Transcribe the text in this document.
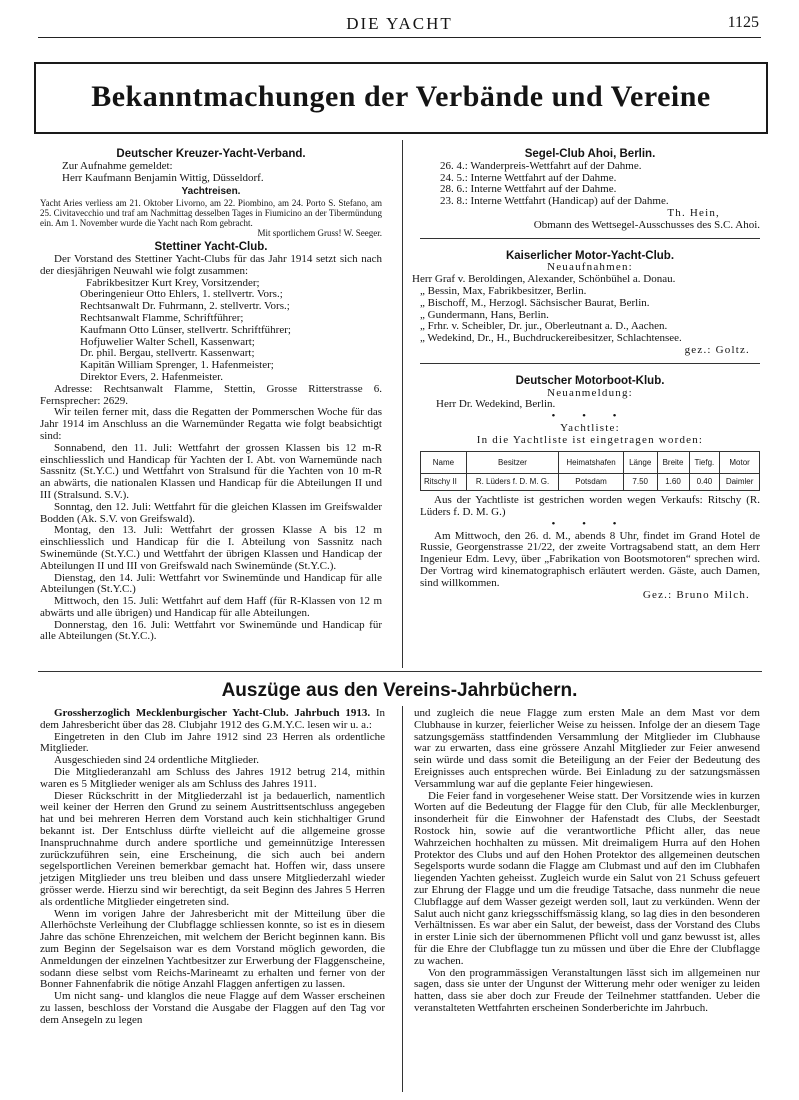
DIE YACHT	1125
Bekanntmachungen der Verbände und Vereine

Deutscher Kreuzer-Yacht-Verband.

Zur Aufnahme gemeldet:

Herr Kaufmann Benjamin Wittig, Düsseldorf.

Yachtreisen.

Yacht Aries verliess am 21. Oktober Livorno, am 22. Piombino, am 24. Porto S. Stefano, am 25. Civitavecchio und traf am Nachmittag desselben Tages in Fiumicino an der Tibermündung ein. Am 1. November wurde die Yacht nach Rom gebracht.

Mit sportlichem Gruss! W. Seeger.

Stettiner Yacht-Club.

Der Vorstand des Stettiner Yacht-Clubs für das Jahr 1914 setzt sich nach der diesjährigen Neuwahl wie folgt zusammen:

Fabrikbesitzer Kurt Krey, Vorsitzender;

Oberingenieur Otto Ehlers, 1. stellvertr. Vors.;

Rechtsanwalt Dr. Fuhrmann, 2. stellvertr. Vors.;

Rechtsanwalt Flamme, Schriftführer;

Kaufmann Otto Lünser, stellvertr. Schriftführer;

Hofjuwelier Walter Schell, Kassenwart;

Dr. phil. Bergau, stellvertr. Kassenwart;

Kapitän William Sprenger, 1. Hafenmeister;

Direktor Evers, 2. Hafenmeister.

Adresse: Rechtsanwalt Flamme, Stettin, Grosse Ritterstrasse 6. Fernsprecher: 2629.

Wir teilen ferner mit, dass die Regatten der Pommerschen Woche für das Jahr 1914 im Anschluss an die Warnemünder Regatta wie folgt beabsichtigt sind:

Sonnabend, den 11. Juli: Wettfahrt der grossen Klassen bis 12 m-R einschliesslich und Handicap für Yachten der I. Abt. von Warnemünde nach Sassnitz (St.Y.C.) und Wettfahrt von Stralsund für die Yachten von 10 m-R an abwärts, die nationalen Klassen und Handicap für die Abteilungen II und III (Stralsund. S.V.).

Sonntag, den 12. Juli: Wettfahrt für die gleichen Klassen im Greifswalder Bodden (Ak. S.V. von Greifswald).

Montag, den 13. Juli: Wettfahrt der grossen Klasse A bis 12 m einschliesslich und Handicap für die I. Abteilung von Sassnitz nach Swinemünde (St.Y.C.) und Wettfahrt der übrigen Klassen und Handicap der Abteilungen II und III von Greifswald nach Swinemünde (St.Y.C.).

Dienstag, den 14. Juli: Wettfahrt vor Swinemünde und Handicap für alle Abteilungen (St.Y.C.)

Mittwoch, den 15. Juli: Wettfahrt auf dem Haff (für R-Klassen von 12 m abwärts und alle übrigen) und Handicap für alle Abteilungen.

Donnerstag, den 16. Juli: Wettfahrt vor Swinemünde und Handicap für alle Abteilungen (St.Y.C.).

Segel-Club Ahoi, Berlin.

26. 4.: Wanderpreis-Wettfahrt auf der Dahme.

24. 5.: Interne Wettfahrt auf der Dahme.

28. 6.: Interne Wettfahrt auf der Dahme.

23. 8.: Interne Wettfahrt (Handicap) auf der Dahme.

Th. Hein,

Obmann des Wettsegel-Ausschusses des S.C. Ahoi.

Kaiserlicher Motor-Yacht-Club.

Neuaufnahmen:

Herr Graf v. Beroldingen, Alexander, Schönbühel a. Donau.

„ Bessin, Max, Fabrikbesitzer, Berlin.

„ Bischoff, M., Herzogl. Sächsischer Baurat, Berlin.

„ Gundermann, Hans, Berlin.

„ Frhr. v. Scheibler, Dr. jur., Oberleutnant a. D., Aachen.

„ Wedekind, Dr., H., Buchdruckereibesitzer, Schlachtensee.

gez.: Goltz.

Deutscher Motorboot-Klub.

Neuanmeldung:

Herr Dr. Wedekind, Berlin.

• • •

Yachtliste:

In die Yachtliste ist eingetragen worden:

Name	Besitzer	Heimatshafen	Länge	Breite	Tiefg.	Motor
Ritschy II	R. Lüders f. D. M. G.	Potsdam	7.50	1.60	0.40	Daimler

Aus der Yachtliste ist gestrichen worden wegen Verkaufs: Ritschy (R. Lüders f. D. M. G.)

• • •

Am Mittwoch, den 26. d. M., abends 8 Uhr, findet im Grand Hotel de Russie, Georgenstrasse 21/22, der zweite Vortragsabend statt, an dem Herr Ingenieur Edm. Levy, über „Fabrikation von Bootsmotoren“ sprechen wird. Der Vortrag wird kinematographisch erläutert werden. Gäste, auch Damen, sind willkommen.

Gez.: Bruno Milch.

Auszüge aus den Vereins-Jahrbüchern.

Grossherzoglich Mecklenburgischer Yacht-Club. Jahrbuch 1913. In dem Jahresbericht über das 28. Clubjahr 1912 des G.M.Y.C. lesen wir u. a.:

Eingetreten in den Club im Jahre 1912 sind 23 Herren als ordentliche Mitglieder.

Ausgeschieden sind 24 ordentliche Mitglieder.

Die Mitgliederanzahl am Schluss des Jahres 1912 betrug 214, mithin waren es 5 Mitglieder weniger als am Schluss des Jahres 1911.

Dieser Rückschritt in der Mitgliederzahl ist ja bedauerlich, namentlich weil keiner der Herren den Grund zu seinem Austrittsentschluss angegeben hat und bei mehreren Herren dem Vorstand auch kein stichhaltiger Grund bekannt ist. Der Entschluss dürfte vielleicht auf die allgemeine grosse Inanspruchnahme durch andere sportliche und gemeinnützige Interessen zurückzuführen sein, eine Erscheinung, die sich auch bei andern segelsportlichen Vereinen bemerkbar gemacht hat. Hoffen wir, dass unsere jetzigen Mitglieder uns treu bleiben und dass unsere Mitgliederzahl wieder grösser werde. Hierzu sind wir berechtigt, da seit Beginn des Jahres 5 Herren als ordentliche Mitglieder eingetreten sind.

Wenn im vorigen Jahre der Jahresbericht mit der Mitteilung über die Allerhöchste Verleihung der Clubflagge schliessen konnte, so ist es in diesem Jahre das schöne Ehrenzeichen, mit welchem der Bericht beginnen kann. Bis zum Beginn der Segelsaison war es dem Vorstand möglich geworden, die Anmeldungen der einzelnen Yachtbesitzer zur Erwerbung der Flaggenscheine, sodann diese selbst vom Reichs-Marineamt zu erhalten und ferner von der Bonner Fahnenfabrik die nötige Anzahl Flaggen anfertigen zu lassen.

Um nicht sang- und klanglos die neue Flagge auf dem Wasser erscheinen zu lassen, beschloss der Vorstand die Ausgabe der Flaggen auf den Tag vor dem Ansegeln zu legen

und zugleich die neue Flagge zum ersten Male an dem Mast vor dem Clubhause in kurzer, feierlicher Weise zu heissen. Infolge der an diesem Tage satzungsgemäss stattfindenden Versammlung der Mitglieder im Clubhause war zu erwarten, dass eine grössere Anzahl Mitglieder zur Feier anwesend sein würde und dass somit die Beteiligung an der Feier der Bedeutung des Ereignisses auch entsprechen würde. Bei Einladung zu der satzungsmässen Versammlung war auf die geplante Feier hingewiesen.

Die Feier fand in vorgesehener Weise statt. Der Vorsitzende wies in kurzen Worten auf die Bedeutung der Flagge für den Club, für alle Mecklenburger, insonderheit für die Einwohner der Hafenstadt des Clubs, der Seestadt Rostock hin, sowie auf die verantwortliche Pflicht aller, das neue Wahrzeichen hochhalten zu müssen. Mit dreimaligem Hurra auf den Hohen Protektor des Clubs und auf den Hohen Protektor des allgemeinen deutschen Segelsports wurde sodann die Flagge am Clubmast und auf den im Clubhafen liegenden Yachten geheisst. Zugleich wurde ein Salut von 21 Schuss gefeuert zur Ehrung der Flagge und um die freudige Tatsache, dass nunmehr die neue Clubflagge auf dem Wasser gezeigt werden soll, laut zu verkünden. Wenn der Salut auch nicht ganz kriegsschiffsmässig klang, so lag dies in den besonderen Verhältnissen. Es war aber ein Salut, der beweist, dass der Vorstand des Clubs in erster Linie sich der übernommenen Pflicht voll und ganz bewusst ist, alles für die Ehre der Clubflagge tun zu müssen und über die Ehre der Clubflagge zu wachen.

Von den programmässigen Veranstaltungen lässt sich im allgemeinen nur sagen, dass sie unter der Ungunst der Witterung mehr oder weniger zu leiden hatten, dass sie aber doch zur Freude der Teilnehmer stattfanden. Ueber die veranstalteten Wettfahrten erscheinen Sonderberichte im Jahrbuch.
